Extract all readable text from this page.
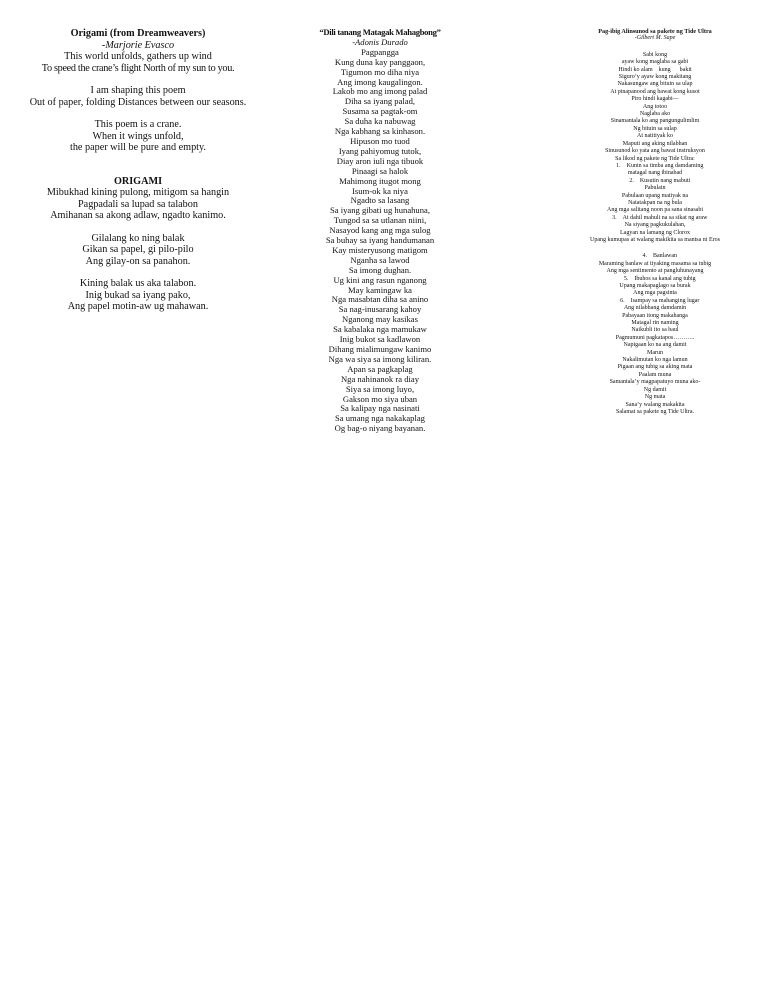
Origami (from Dreamweavers)
-Marjorie Evasco
This world unfolds, gathers up wind
To speed the crane’s flight North of my sun to you.
I am shaping this poem
Out of paper, folding Distances between our seasons.
This poem is a crane.
When it wings unfold,
the paper will be pure and empty.
ORIGAMI
Mibukhad kining pulong, mitigom sa hangin
Pagpadali sa lupad sa talabon
Amihanan sa akong adlaw, ngadto kanimo.
Gilalang ko ning balak
Gikan sa papel, gi pilo-pilo
Ang gilay-on sa panahon.
Kining balak us aka talabon.
Inig bukad sa iyang pako,
Ang papel motin-aw ug mahawan.
“Dili tanang Matagak Mahagbong”
-Adonis Durado
Pagpangga
Kung duna kay panggaon,
Tigumon mo diha niya
Ang imong kaugalingon.
Lakob mo ang imong palad
Diha sa iyang palad,
Susama sa pagtak-om
Sa duha ka nabuwag
Nga kabhang sa kinhason.
Hipuson mo tuod
Iyang pahiyomug tutok,
Diay aron iuli nga tibuok
Pinaagi sa halok
Mahimong itugot mong
Isum-ok ka niya
Ngadto sa lasang
Sa iyang gibati ug hunahuna,
Tungod sa sa utlanan niini,
Nasayod kang ang mga sulog
Sa buhay sa iyang handumanan
Kay misteryusong matigom
Nganha sa lawod
Sa imong dughan.
Ug kini ang rasun nganong
May kamingaw ka
Nga masabtan diha sa anino
Sa nag-inusarang kahoy
Nganong may kasikas
Sa kabalaka nga mamukaw
Inig bukot sa kadlawon
Dihang mialimungaw kanimo
Nga wa siya sa imong kiliran.
Apan sa pagkaplag
Nga nahinanok ra diay
Siya sa imong luyo,
Gakson mo siya uban
Sa kalipay nga nasinati
Sa umang nga nakakaplag
Og bag-o niyang bayanan.
Pag-ibig Alinsunod sa pakete ng Tide Ultra
-Gilbert M. Sape
Sabi kong
ayaw kong maglaba sa gabi
Hindi ko alam    kung      bakit
Siguro’y ayaw kong makitang
Nakasungaw ang bituin sa ulap
At pinapanood ang bawat kong kusot
Piro hindi kagabi—
Ang totoo
Naglaba ako
Sinamantala ko ang pangungulimlim
Ng bituin sa sulap
At natitiyak ko
Maputi ang aking nilabhan
Sinusunod ko yata ang bawat instruksyon
Sa likod ng pakete ng Tide Ultra:
1. Kunin sa timba ang damdaming
matagal nang ibinabad
2. Kusutin nang mabuti
Pabulain
Pabulaan upang matiyak na
Natatakpan na ng bula
Ang mga salitang noon pa sana sinasabi
3. At dahil mahuli na sa sikat ng araw
Na siyang pagkukulahan,
Lagyan na lamang ng Clorox
Upang kumupas at walang makikita sa mantsa ni Eros
4. Banlawan
Maraming banlaw at tiyaking masama sa tubig
Ang mga sentimento at pangluhunayang
5. Ibuhos sa kanal ang tubig
Upang makapaglago sa burak
Ang mga pagsinta
6. Isampay sa mahanging lugar
Ang nilabhang damdamin
Pabayaan itong makahanga
Matagal rin naming
Naikubli ito sa baul
Pagmumuni pagkatapos………..
Napigaan ko na ang damit
Marun
Nakalimutan ko nga lamun
Pigaan ang tubig sa aking mata
Paalam muna
Samantala’y magpapatuyo muna ako-
Ng damit
Ng mata
Sana’y walang makakita
Salamat sa pakete ng Tide Ultra.
